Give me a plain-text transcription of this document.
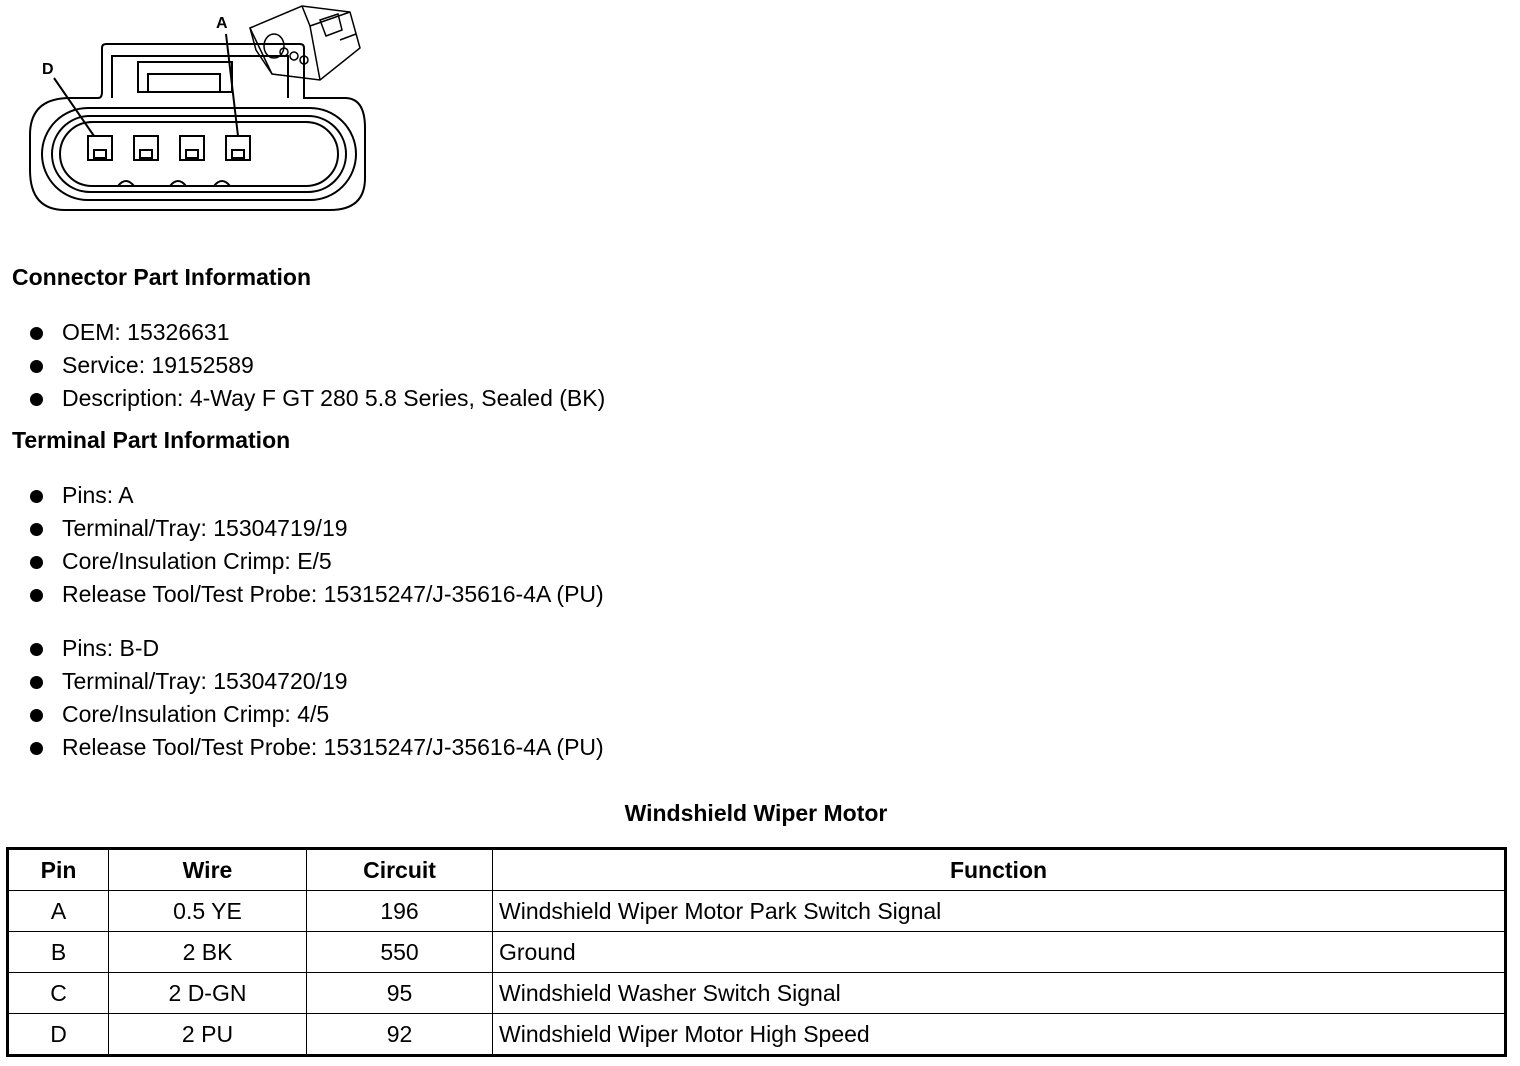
D
A
Connector Part Information
OEM: 15326631
Service: 19152589
Description: 4-Way F GT 280 5.8 Series, Sealed (BK)
Terminal Part Information
Pins: A
Terminal/Tray: 15304719/19
Core/Insulation Crimp: E/5
Release Tool/Test Probe: 15315247/J-35616-4A (PU)
Pins: B-D
Terminal/Tray: 15304720/19
Core/Insulation Crimp: 4/5
Release Tool/Test Probe: 15315247/J-35616-4A (PU)
Windshield Wiper Motor
Pin	Wire	Circuit	Function
A	0.5 YE	196	Windshield Wiper Motor Park Switch Signal
B	2 BK	550	Ground
C	2 D-GN	95	Windshield Washer Switch Signal
D	2 PU	92	Windshield Wiper Motor High Speed
